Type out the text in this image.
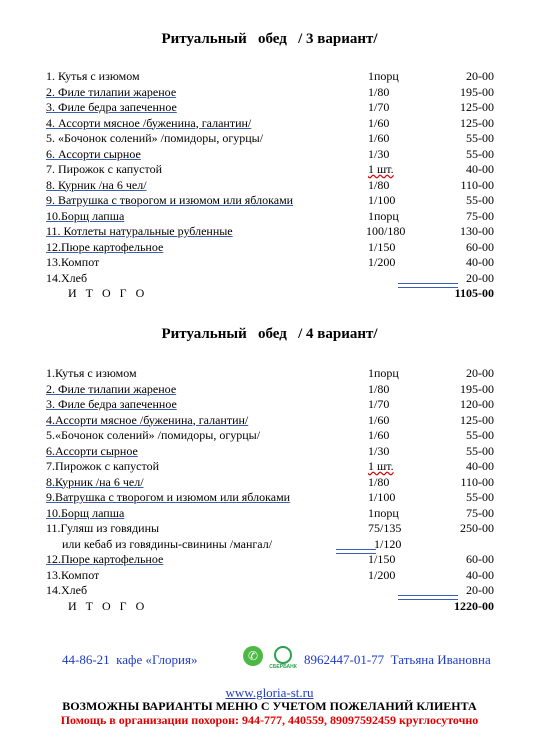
Ритуальный обед / 3 вариант/
1. Кутья с изюмом	1порц	20-00
2. Филе тилапии жареное	1/80	195-00
3. Филе бедра запеченное	1/70	125-00
4. Ассорти мясное /буженина, галантин/	1/60	125-00
5. «Бочонок солений» /помидоры, огурцы/	1/60	55-00
6. Ассорти сырное	1/30	55-00
7. Пирожок с капустой	1 шт.	40-00
8. Курник /на 6 чел/	1/80	110-00
9. Ватрушка с творогом и изюмом или яблоками	1/100	55-00
10.Борщ лапша	1порц	75-00
11. Котлеты натуральные рубленные	100/180	130-00
12.Пюре картофельное	1/150	60-00
13.Компот	1/200	40-00
14.Хлеб	20-00
И Т О Г О	1105-00
Ритуальный обед / 4 вариант/
1.Кутья с изюмом	1порц	20-00
2. Филе тилапии жареное	1/80	195-00
3. Филе бедра запеченное	1/70	120-00
4.Ассорти мясное /буженина, галантин/	1/60	125-00
5.«Бочонок солений» /помидоры, огурцы/	1/60	55-00
6.Ассорти сырное	1/30	55-00
7.Пирожок с капустой	1 шт.	40-00
8.Курник /на 6 чел/	1/80	110-00
9.Ватрушка с творогом и изюмом или яблоками	1/100	55-00
10.Борщ лапша	1порц	75-00
11.Гуляш из говядины	75/135	250-00
или кебаб из говядины-свинины /мангал/	1/120
12.Пюре картофельное	1/150	60-00
13.Компот	1/200	40-00
14.Хлеб	20-00
И Т О Г О	1220-00
44-86-21  кафе «Глория»	8962447-01-77  Татьяна Ивановна
✆
СБЕРБАНК
www.gloria-st.ru
ВОЗМОЖНЫ ВАРИАНТЫ МЕНЮ С УЧЕТОМ ПОЖЕЛАНИЙ КЛИЕНТА
Помощь в организации похорон: 944-777, 440559, 89097592459 круглосуточно
